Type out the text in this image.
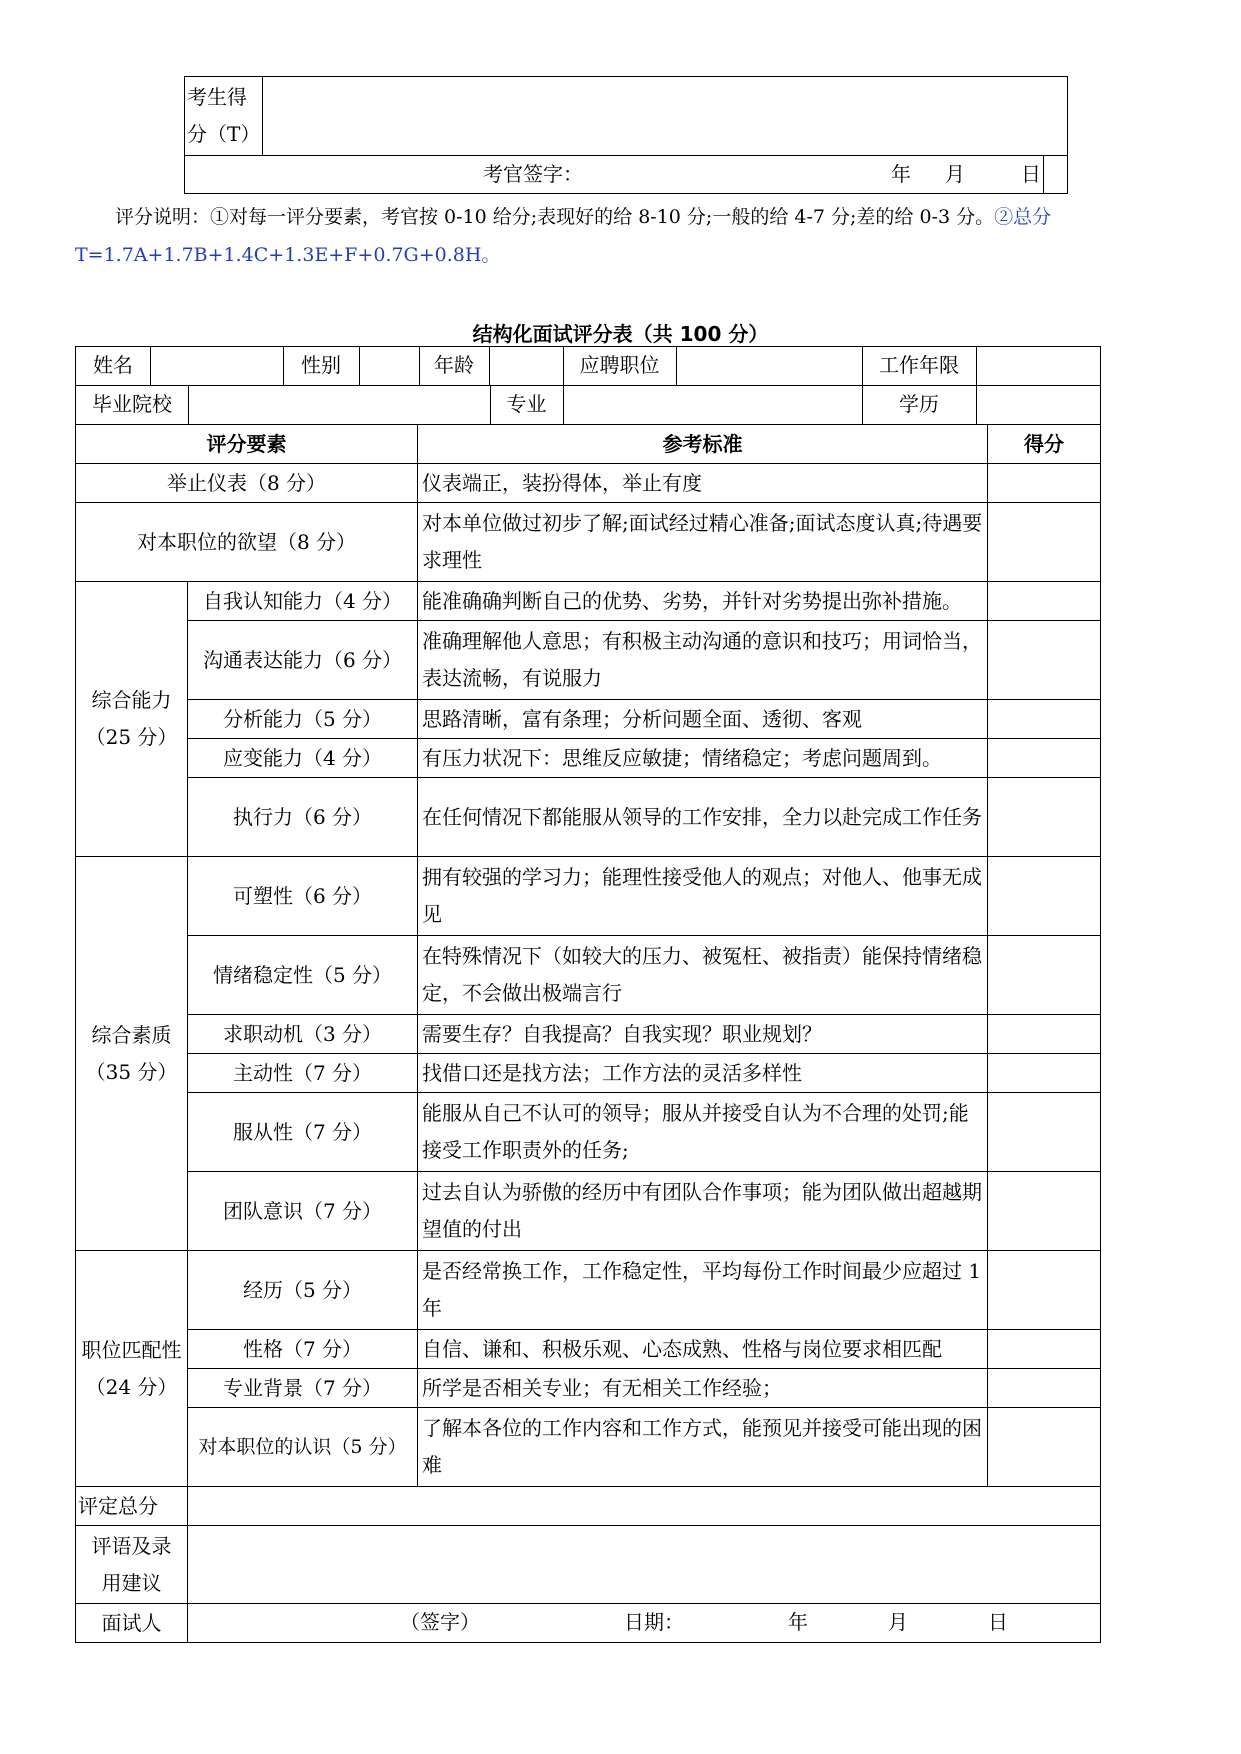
考生得分（T）		

考官签字： 年 月 日		

评分说明：①对每一评分要素，考官按 0-10 给分;表现好的给 8-10 分;一般的给 4-7 分;差的给 0-3 分。②总分 T=1.7A+1.7B+1.4C+1.3E+F+0.7G+0.8H。
结构化面试评分表（共 100 分）
姓名 性别 年龄 应聘职位 工作年限			

毕业院校 专业 学历			

评分要素		参考标准	得分
举止仪表（8 分）		仪表端正，装扮得体，举止有度	
对本职位的欲望（8 分）		对本单位做过初步了解;面试经过精心准备;面试态度认真;待遇要求理性	
综合能力（25 分）	自我认知能力（4 分）	能准确确判断自己的优势、劣势，并针对劣势提出弥补措施。	
	沟通表达能力（6 分）	准确理解他人意思；有积极主动沟通的意识和技巧；用词恰当，表达流畅，有说服力	
	分析能力（5 分）	思路清晰，富有条理；分析问题全面、透彻、客观	
	应变能力（4 分）	有压力状况下：思维反应敏捷；情绪稳定；考虑问题周到。	
	执行力（6 分）	在任何情况下都能服从领导的工作安排，全力以赴完成工作任务	
综合素质（35 分）	可塑性（6 分）	拥有较强的学习力；能理性接受他人的观点；对他人、他事无成见	
	情绪稳定性（5 分）	在特殊情况下（如较大的压力、被冤枉、被指责）能保持情绪稳定，不会做出极端言行	
	求职动机（3 分）	需要生存？自我提高？自我实现？职业规划？	
	主动性（7 分）	找借口还是找方法；工作方法的灵活多样性	
	服从性（7 分）	能服从自己不认可的领导；服从并接受自认为不合理的处罚;能接受工作职责外的任务;	
	团队意识（7 分）	过去自认为骄傲的经历中有团队合作事项；能为团队做出超越期望值的付出	
职位匹配性（24 分）	经历（5 分）	是否经常换工作，工作稳定性，平均每份工作时间最少应超过 1 年	
	性格（7 分）	自信、谦和、积极乐观、心态成熟、性格与岗位要求相匹配	
	专业背景（7 分）	所学是否相关专业；有无相关工作经验；	
	对本职位的认识（5 分）	了解本各位的工作内容和工作方式，能预见并接受可能出现的困难	
评定总分			
评语及录用建议			
面试人	（签字） 日期： 年 月 日		
